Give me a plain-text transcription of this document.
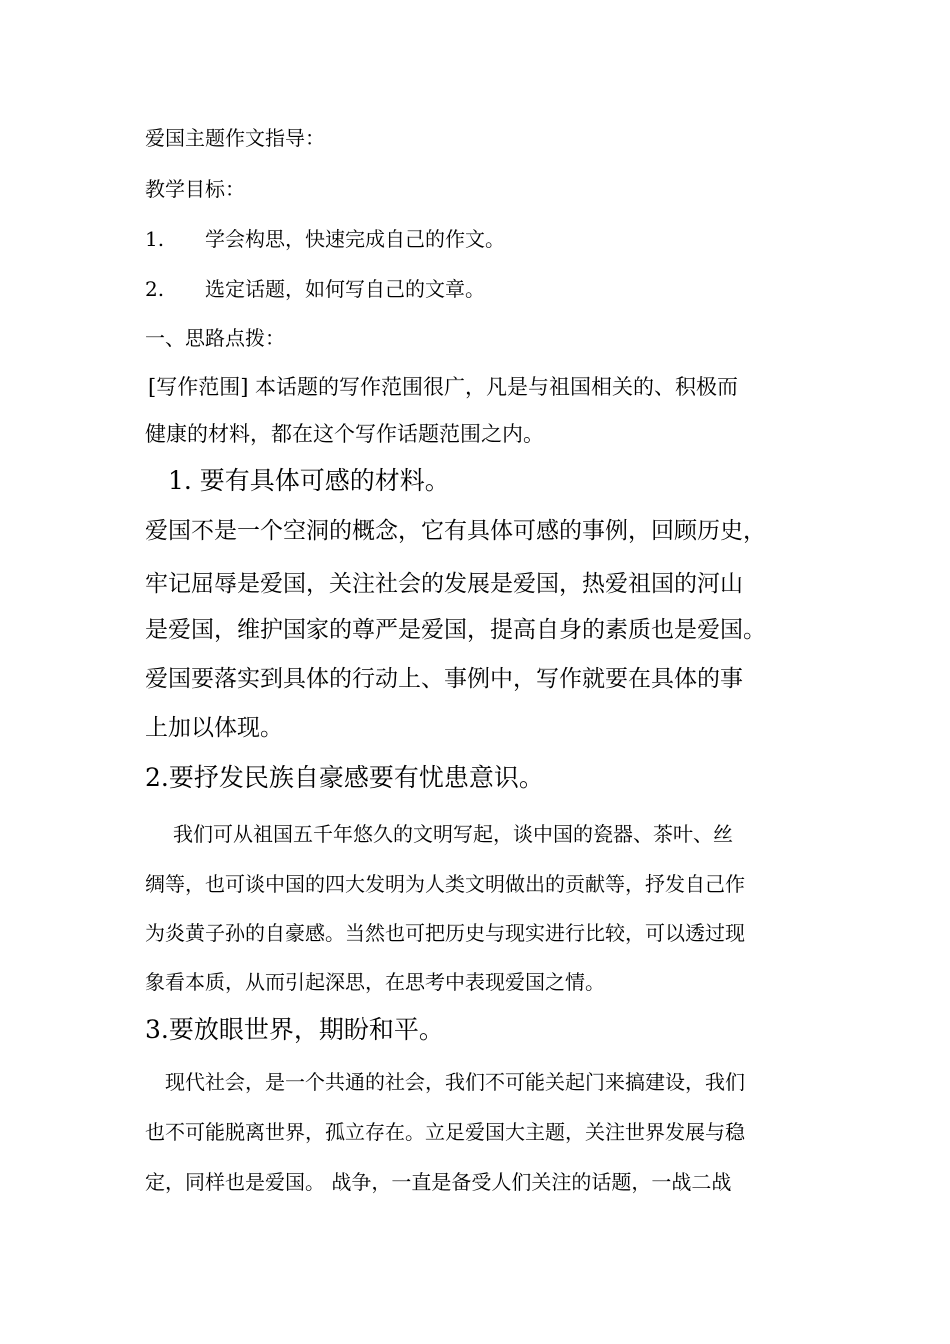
爱国主题作文指导：
教学目标：
1. 学会构思，快速完成自己的作文。
2. 选定话题，如何写自己的文章。
一、思路点拨：
[写作范围] 本话题的写作范围很广，凡是与祖国相关的、积极而
健康的材料，都在这个写作话题范围之内。
1. 要有具体可感的材料。
爱国不是一个空洞的概念，它有具体可感的事例，回顾历史，
牢记屈辱是爱国，关注社会的发展是爱国，热爱祖国的河山
是爱国，维护国家的尊严是爱国，提高自身的素质也是爱国。
爱国要落实到具体的行动上、事例中，写作就要在具体的事
上加以体现。
2.要抒发民族自豪感要有忧患意识。
我们可从祖国五千年悠久的文明写起，谈中国的瓷器、茶叶、丝
绸等，也可谈中国的四大发明为人类文明做出的贡献等，抒发自己作
为炎黄子孙的自豪感。当然也可把历史与现实进行比较，可以透过现
象看本质，从而引起深思，在思考中表现爱国之情。
3.要放眼世界，期盼和平。
现代社会，是一个共通的社会，我们不可能关起门来搞建设，我们
也不可能脱离世界，孤立存在。立足爱国大主题，关注世界发展与稳
定，同样也是爱国。 战争，一直是备受人们关注的话题，一战二战
